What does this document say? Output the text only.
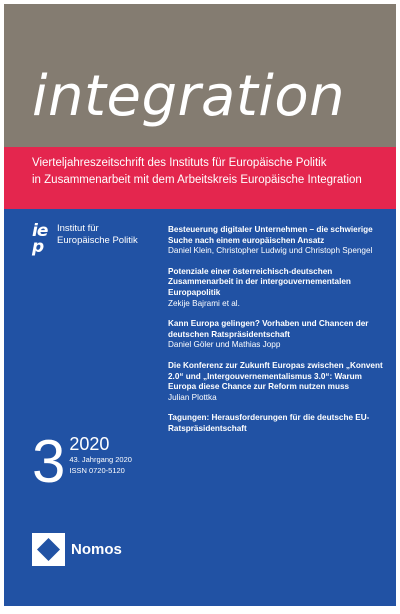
integration

Vierteljahreszeitschrift des Instituts für Europäische Politik
in Zusammenarbeit mit dem Arbeitskreis Europäische Integration

ie
p
Institut für
Europäische Politik
Besteuerung digitaler Unternehmen – die schwierige Suche nach einem europäischen Ansatz
Daniel Klein, Christopher Ludwig und Christoph Spengel
Potenziale einer österreichisch-deutschen Zusammenarbeit in der intergouvernementalen Europapolitik
Zekije Bajrami et al.
Kann Europa gelingen? Vorhaben und Chancen der deutschen Ratspräsidentschaft
Daniel Göler und Mathias Jopp
Die Konferenz zur Zukunft Europas zwischen „Konvent 2.0“ und „Intergouvernementalismus 3.0“: Warum Europa diese Chance zur Reform nutzen muss
Julian Plottka
Tagungen: Herausforderungen für die deutsche EU-Ratspräsidentschaft
3 2020
43. Jahrgang 2020
ISSN 0720-5120
Nomos
